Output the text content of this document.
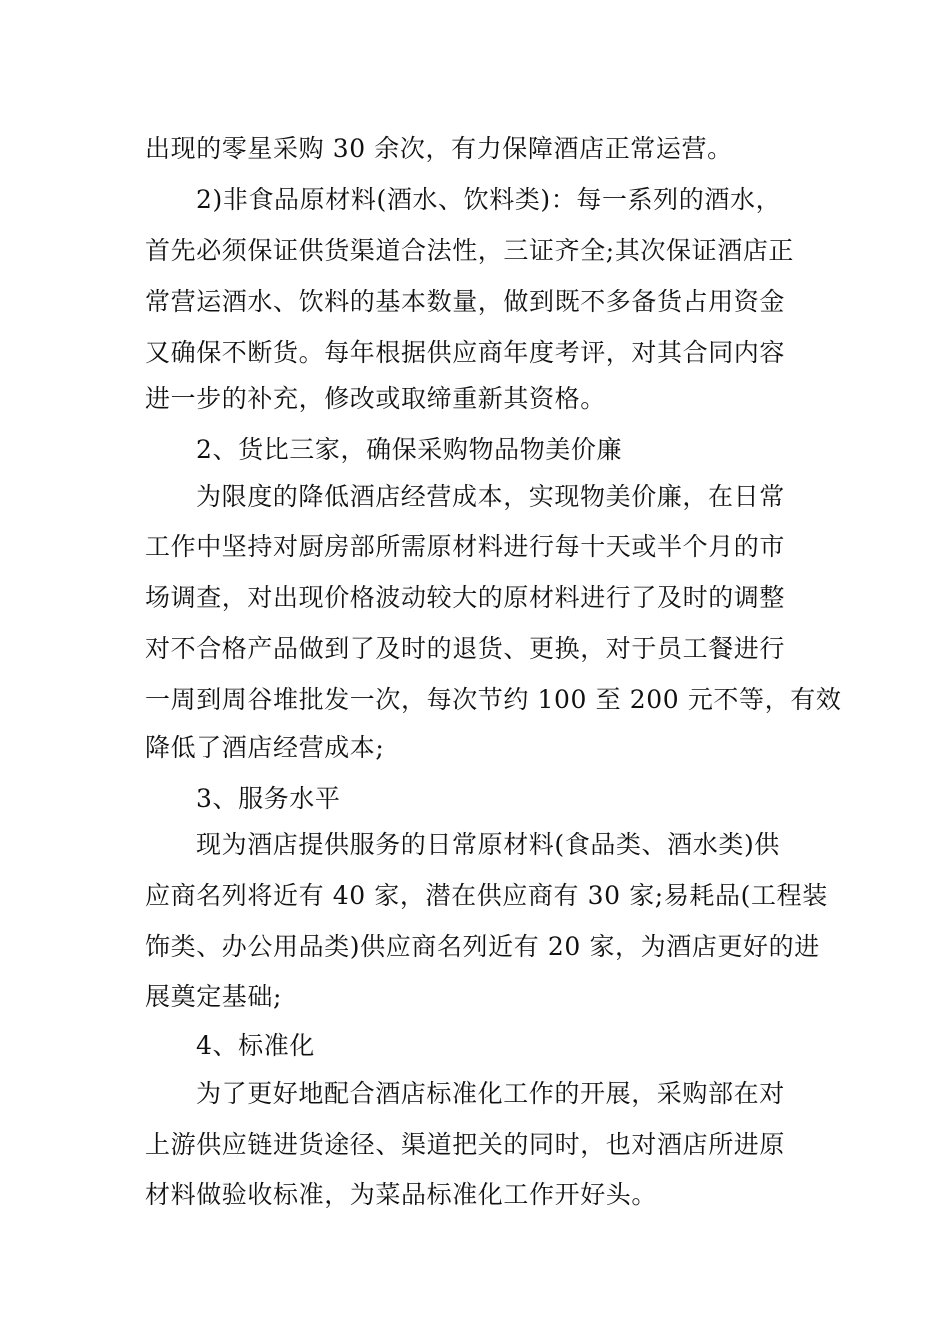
出现的零星采购 30 余次，有力保障酒店正常运营。
2)非食品原材料(酒水、饮料类)：每一系列的酒水，
首先必须保证供货渠道合法性，三证齐全;其次保证酒店正
常营运酒水、饮料的基本数量，做到既不多备货占用资金
又确保不断货。每年根据供应商年度考评，对其合同内容
进一步的补充，修改或取缔重新其资格。
2、货比三家，确保采购物品物美价廉
为限度的降低酒店经营成本，实现物美价廉，在日常
工作中坚持对厨房部所需原材料进行每十天或半个月的市
场调查，对出现价格波动较大的原材料进行了及时的调整
对不合格产品做到了及时的退货、更换，对于员工餐进行
一周到周谷堆批发一次，每次节约 100 至 200 元不等，有效
降低了酒店经营成本;
3、服务水平
现为酒店提供服务的日常原材料(食品类、酒水类)供
应商名列将近有 40 家，潜在供应商有 30 家;易耗品(工程装
饰类、办公用品类)供应商名列近有 20 家，为酒店更好的进
展奠定基础;
4、标准化
为了更好地配合酒店标准化工作的开展，采购部在对
上游供应链进货途径、渠道把关的同时，也对酒店所进原
材料做验收标准，为菜品标准化工作开好头。
